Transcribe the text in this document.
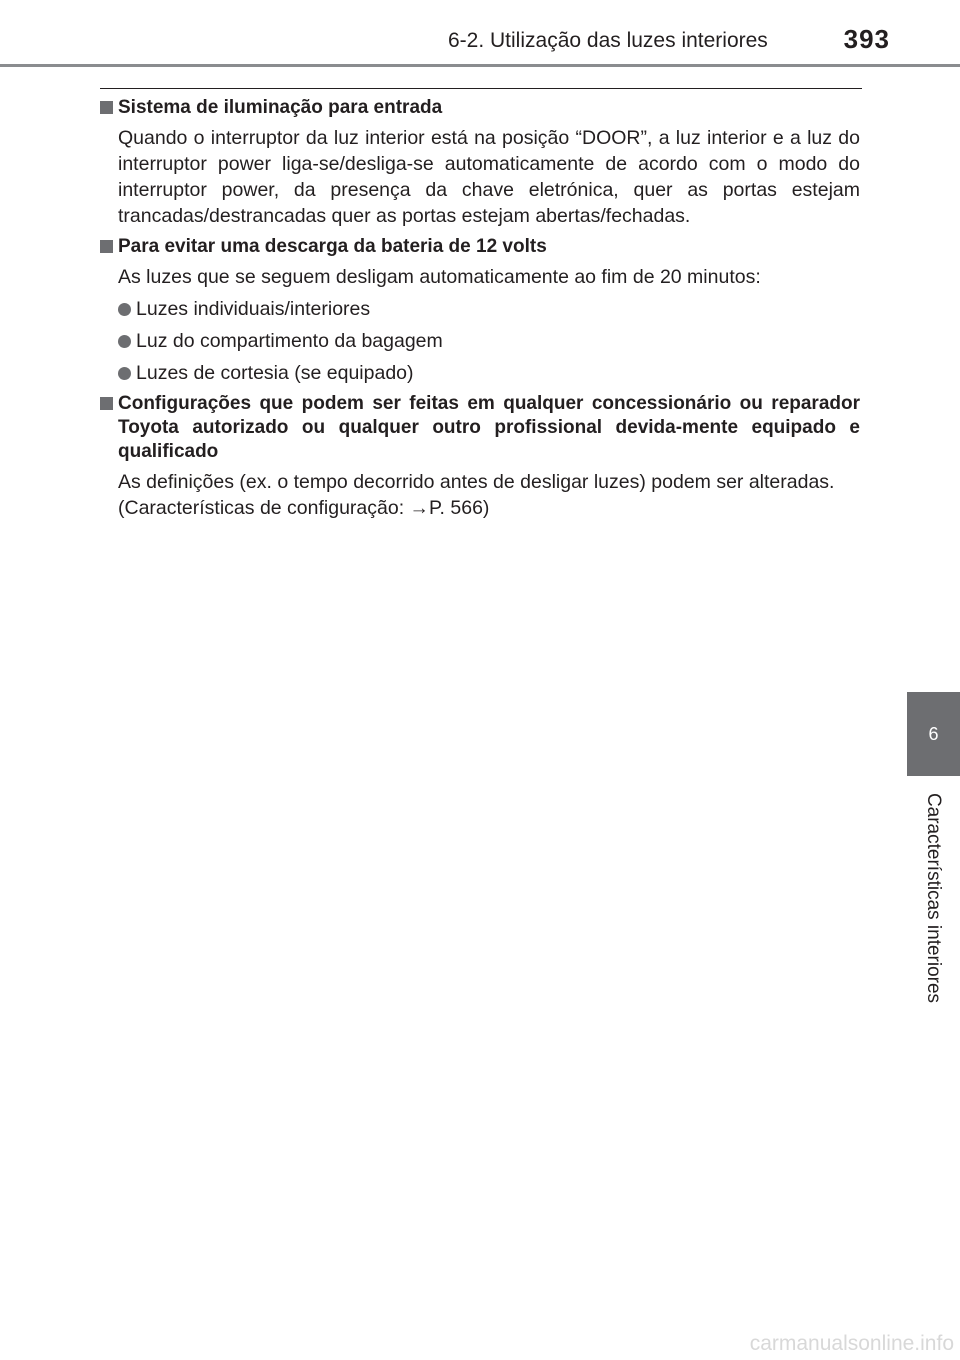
6-2. Utilização das luzes interiores	393
Sistema de iluminação para entrada
Quando o interruptor da luz interior está na posição “DOOR”, a luz interior e a luz do interruptor power liga-se/desliga-se automaticamente de acordo com o modo do interruptor power, da presença da chave eletrónica, quer as portas estejam trancadas/destrancadas quer as portas estejam abertas/fechadas.
Para evitar uma descarga da bateria de 12 volts
As luzes que se seguem desligam automaticamente ao fim de 20 minutos:
Luzes individuais/interiores
Luz do compartimento da bagagem
Luzes de cortesia (se equipado)
Configurações que podem ser feitas em qualquer concessionário ou reparador Toyota autorizado ou qualquer outro profissional devida-mente equipado e qualificado
As definições (ex. o tempo decorrido antes de desligar luzes) podem ser alteradas.
(Características de configuração: →P. 566)
6
Características interiores
carmanualsonline.info
